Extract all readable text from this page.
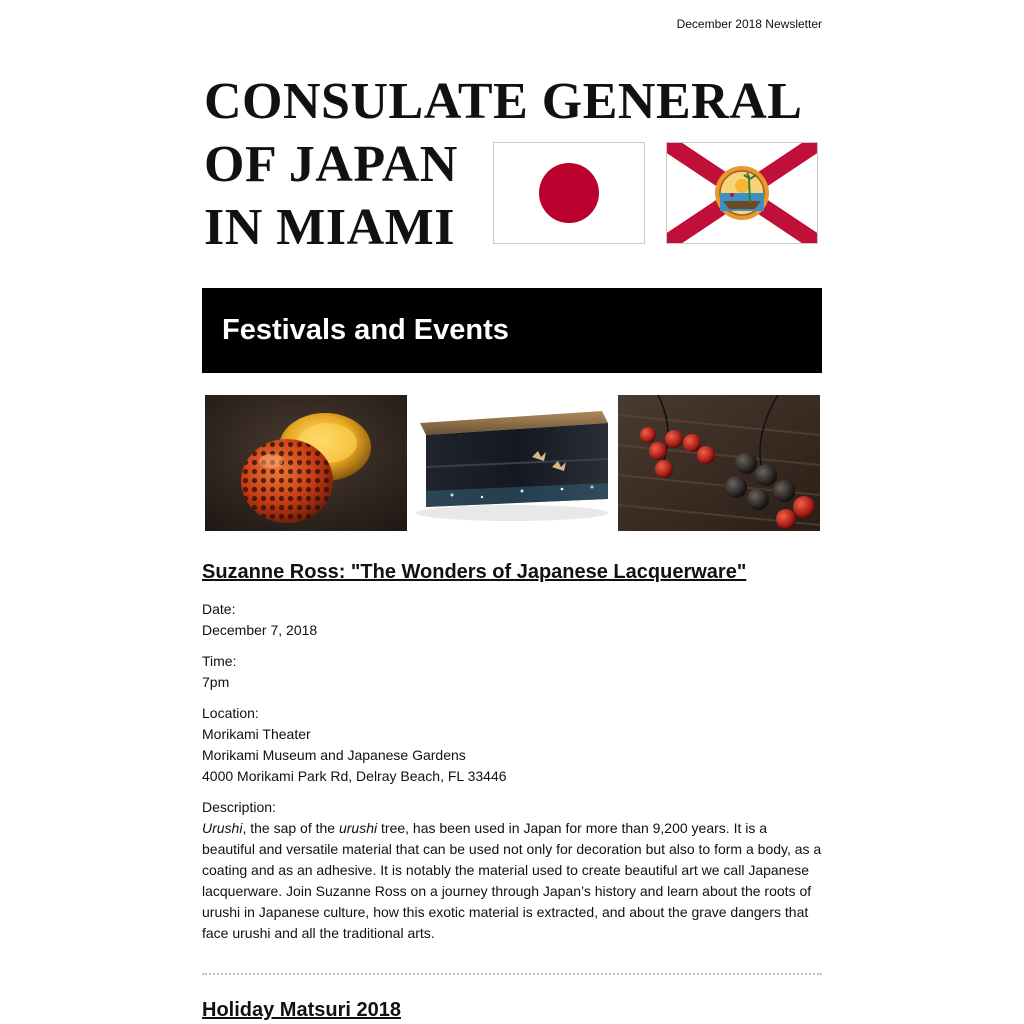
December 2018 Newsletter
CONSULATE GENERAL
OF JAPAN
IN MIAMI
Festivals and Events
Suzanne Ross: "The Wonders of Japanese Lacquerware"
Date:
December 7, 2018
Time:
7pm
Location:
Morikami Theater
Morikami Museum and Japanese Gardens
4000 Morikami Park Rd, Delray Beach, FL 33446
Description:
Urushi, the sap of the urushi tree, has been used in Japan for more than 9,200 years. It is a beautiful and versatile material that can be used not only for decoration but also to form a body, as a coating and as an adhesive. It is notably the material used to create beautiful art we call Japanese lacquerware. Join Suzanne Ross on a journey through Japan’s history and learn about the roots of urushi in Japanese culture, how this exotic material is extracted, and about the grave dangers that face urushi and all the traditional arts.
Holiday Matsuri 2018
